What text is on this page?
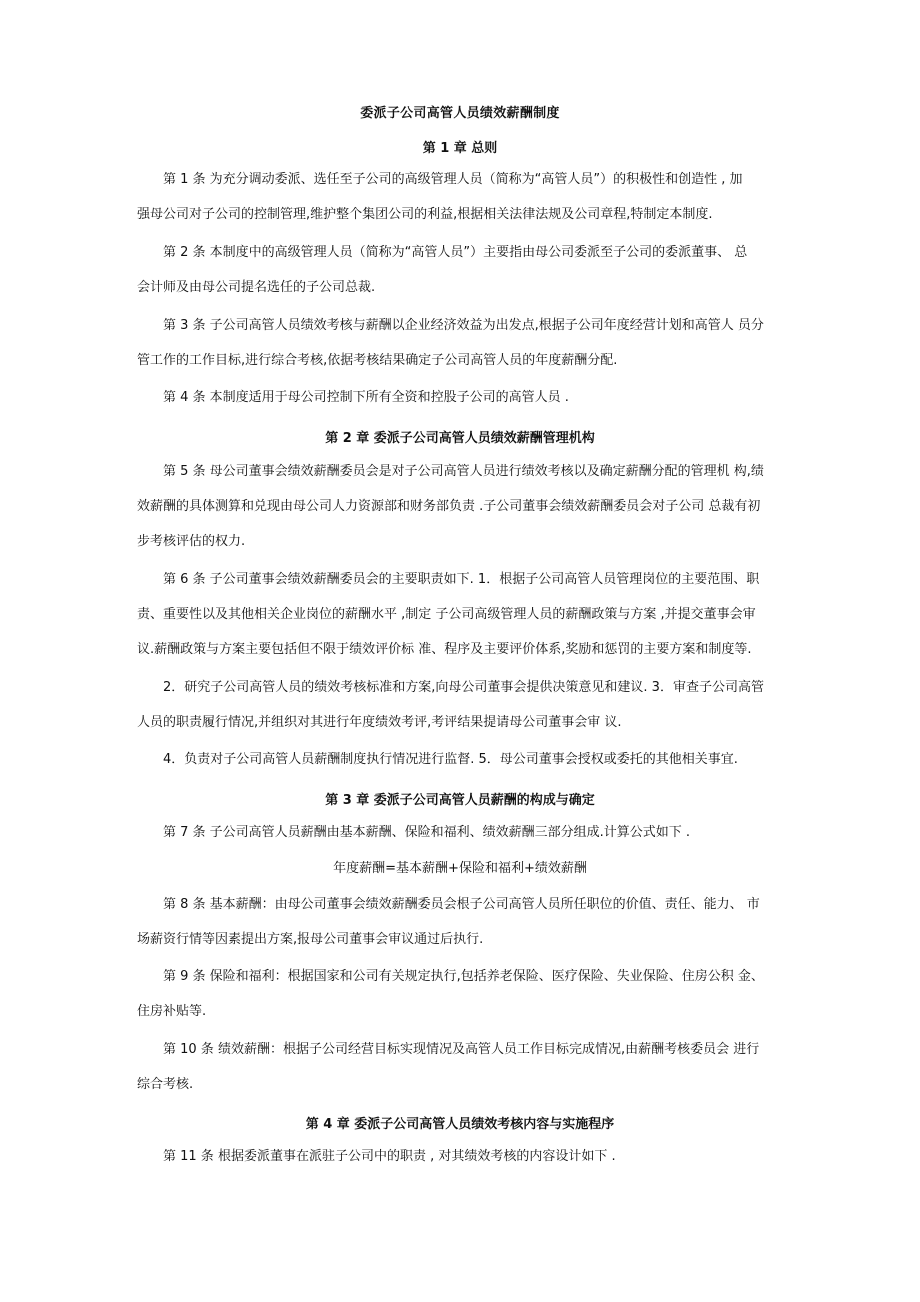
委派子公司高管人员绩效薪酬制度
第 1 章 总则
第 1 条 为充分调动委派、选任至子公司的高级管理人员（简称为“高管人员”）的积极性和创造性 , 加
强母公司对子公司的控制管理,维护整个集团公司的利益,根据相关法律法规及公司章程,特制定本制度.
第 2 条 本制度中的高级管理人员（简称为“高管人员”）主要指由母公司委派至子公司的委派董事、 总
会计师及由母公司提名选任的子公司总裁.
第 3 条 子公司高管人员绩效考核与薪酬以企业经济效益为出发点,根据子公司年度经营计划和高管人 员分
管工作的工作目标,进行综合考核,依据考核结果确定子公司高管人员的年度薪酬分配.
第 4 条 本制度适用于母公司控制下所有全资和控股子公司的高管人员 .
第 2 章 委派子公司高管人员绩效薪酬管理机构
第 5 条 母公司董事会绩效薪酬委员会是对子公司高管人员进行绩效考核以及确定薪酬分配的管理机 构,绩
效薪酬的具体测算和兑现由母公司人力资源部和财务部负责 .子公司董事会绩效薪酬委员会对子公司 总裁有初
步考核评估的权力.
第 6 条 子公司董事会绩效薪酬委员会的主要职责如下. 1．根据子公司高管人员管理岗位的主要范围、职
责、重要性以及其他相关企业岗位的薪酬水平 ,制定 子公司高级管理人员的薪酬政策与方案 ,并提交董事会审
议.薪酬政策与方案主要包括但不限于绩效评价标 准、程序及主要评价体系,奖励和惩罚的主要方案和制度等.
2．研究子公司高管人员的绩效考核标准和方案,向母公司董事会提供决策意见和建议. 3．审查子公司高管
人员的职责履行情况,并组织对其进行年度绩效考评,考评结果提请母公司董事会审 议.
4．负责对子公司高管人员薪酬制度执行情况进行监督. 5．母公司董事会授权或委托的其他相关事宜.
第 3 章 委派子公司高管人员薪酬的构成与确定
第 7 条 子公司高管人员薪酬由基本薪酬、保险和福利、绩效薪酬三部分组成.计算公式如下 .
年度薪酬=基本薪酬+保险和福利+绩效薪酬
第 8 条 基本薪酬：由母公司董事会绩效薪酬委员会根子公司高管人员所任职位的价值、责任、能力、 市
场薪资行情等因素提出方案,报母公司董事会审议通过后执行.
第 9 条 保险和福利：根据国家和公司有关规定执行,包括养老保险、医疗保险、失业保险、住房公积 金、
住房补贴等.
第 10 条 绩效薪酬：根据子公司经营目标实现情况及高管人员工作目标完成情况,由薪酬考核委员会 进行
综合考核.
第 4 章 委派子公司高管人员绩效考核内容与实施程序
第 11 条 根据委派董事在派驻子公司中的职责 , 对其绩效考核的内容设计如下 .
